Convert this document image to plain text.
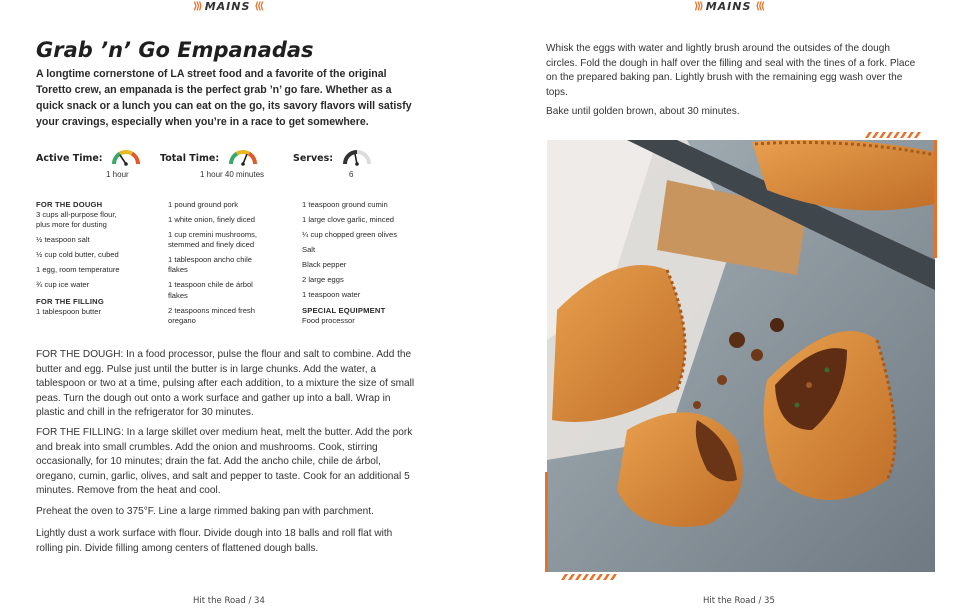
⟩⟩⟩ MAINS ⟨⟨⟨
Grab ’n’ Go Empanadas

A longtime cornerstone of LA street food and a favorite of the original Toretto crew, an empanada is the perfect grab ’n’ go fare. Whether as a quick snack or a lunch you can eat on the go, its savory flavors will satisfy your cravings, especially when you’re in a race to get somewhere.

Active Time:
1 hour
Total Time:
1 hour 40 minutes
Serves:
6
FOR THE DOUGH
3 cups all-purpose flour,
plus more for dusting
½ teaspoon salt
½ cup cold butter, cubed
1 egg, room temperature
¾ cup ice water
FOR THE FILLING
1 tablespoon butter
1 pound ground pork
1 white onion, finely diced
1 cup cremini mushrooms,
stemmed and finely diced
1 tablespoon ancho chile
flakes
1 teaspoon chile de árbol
flakes
2 teaspoons minced fresh
oregano
1 teaspoon ground cumin
1 large clove garlic, minced
¼ cup chopped green olives
Salt
Black pepper
2 large eggs
1 teaspoon water
SPECIAL EQUIPMENT
Food processor

FOR THE DOUGH: In a food processor, pulse the flour and salt to combine. Add the butter and egg. Pulse just until the butter is in large chunks. Add the water, a tablespoon or two at a time, pulsing after each addition, to a mixture the size of small peas. Turn the dough out onto a work surface and gather up into a ball. Wrap in plastic and chill in the refrigerator for 30 minutes.

FOR THE FILLING: In a large skillet over medium heat, melt the butter. Add the pork and break into small crumbles. Add the onion and mushrooms. Cook, stirring occasionally, for 10 minutes; drain the fat. Add the ancho chile, chile de árbol, oregano, cumin, garlic, olives, and salt and pepper to taste. Cook for an additional 5 minutes. Remove from the heat and cool.

Preheat the oven to 375°F. Line a large rimmed baking pan with parchment.

Lightly dust a work surface with flour. Divide dough into 18 balls and roll flat with rolling pin. Divide filling among centers of flattened dough balls.

Hit the Road / 34
⟩⟩⟩ MAINS ⟨⟨⟨

Whisk the eggs with water and lightly brush around the outsides of the dough circles. Fold the dough in half over the filling and seal with the tines of a fork. Place on the prepared baking pan. Lightly brush with the remaining egg wash over the tops.

Bake until golden brown, about 30 minutes.

Hit the Road / 35
